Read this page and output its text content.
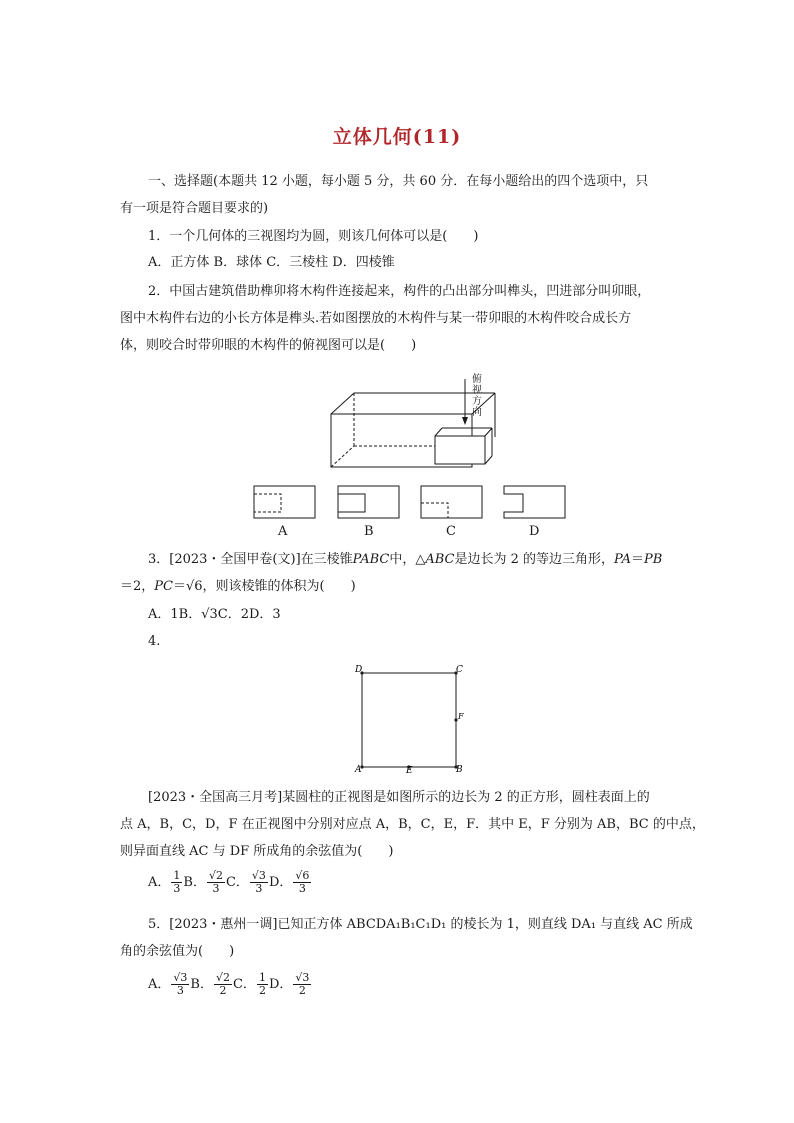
立体几何(11)
一、选择题(本题共 12 小题，每小题 5 分，共 60 分．在每小题给出的四个选项中，只
有一项是符合题目要求的)
1．一个几何体的三视图均为圆，则该几何体可以是(　　)
A．正方体 B．球体 C．三棱柱 D．四棱锥
2．中国古建筑借助榫卯将木构件连接起来，构件的凸出部分叫榫头，凹进部分叫卯眼，
图中木构件右边的小长方体是榫头.若如图摆放的木构件与某一带卯眼的木构件咬合成长方
体，则咬合时带卯眼的木构件的俯视图可以是(　　)
俯
视
方
向
A	B	C	D
3．[2023・全国甲卷(文)]在三棱锥PABC中，△ABC是边长为 2 的等边三角形，PA＝PB
＝2，PC＝√6，则该棱锥的体积为(　　)
A．1B．√3C．2D．3
4.
D	C
F
A	E	B
[2023・全国高三月考]某圆柱的正视图是如图所示的边长为 2 的正方形，圆柱表面上的
点 A，B，C，D，F 在正视图中分别对应点 A，B，C，E，F．其中 E，F 分别为 AB，BC 的中点，
则异面直线 AC 与 DF 所成角的余弦值为(　　)
A． $\frac{1}{3}$ B． $\frac{√2}{3}$ C． $\frac{√3}{3}$ D． $\frac{√6}{3}$
5．[2023・惠州一调]已知正方体 ABCDA₁B₁C₁D₁ 的棱长为 1，则直线 DA₁ 与直线 AC 所成
角的余弦值为(　　)
A． $\frac{√3}{3}$ B． $\frac{√2}{2}$ C． $\frac{1}{2}$ D． $\frac{√3}{2}$
